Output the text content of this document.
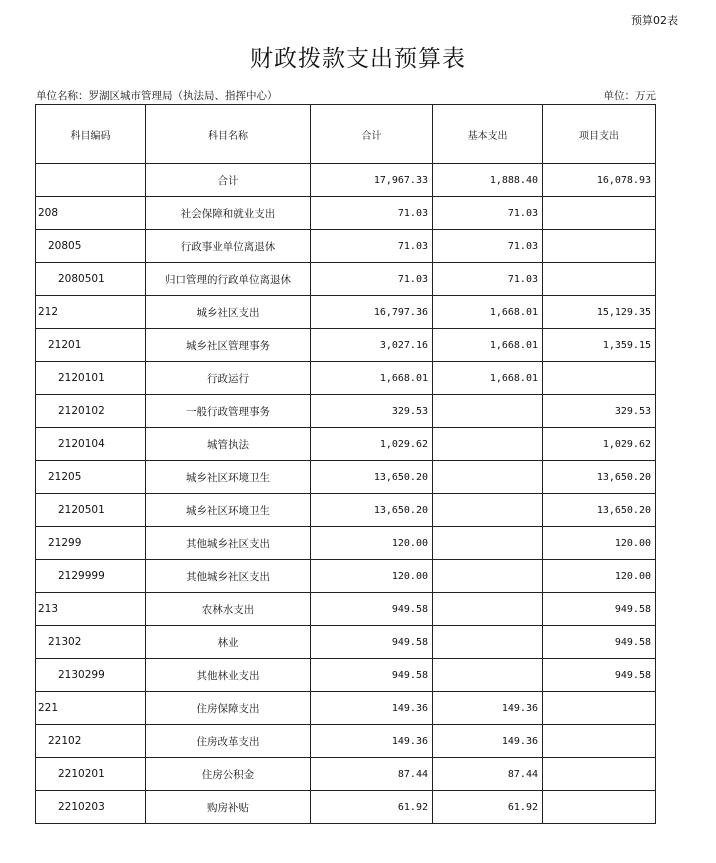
预算02表
财政拨款支出预算表
单位名称：罗湖区城市管理局（执法局、指挥中心）	单位：万元
科目编码	科目名称	合计	基本支出	项目支出
	合计	17,967.33	1,888.40	16,078.93
208	社会保障和就业支出	71.03	71.03	
20805	行政事业单位离退休	71.03	71.03	
2080501	归口管理的行政单位离退休	71.03	71.03	
212	城乡社区支出	16,797.36	1,668.01	15,129.35
21201	城乡社区管理事务	3,027.16	1,668.01	1,359.15
2120101	行政运行	1,668.01	1,668.01	
2120102	一般行政管理事务	329.53		329.53
2120104	城管执法	1,029.62		1,029.62
21205	城乡社区环境卫生	13,650.20		13,650.20
2120501	城乡社区环境卫生	13,650.20		13,650.20
21299	其他城乡社区支出	120.00		120.00
2129999	其他城乡社区支出	120.00		120.00
213	农林水支出	949.58		949.58
21302	林业	949.58		949.58
2130299	其他林业支出	949.58		949.58
221	住房保障支出	149.36	149.36	
22102	住房改革支出	149.36	149.36	
2210201	住房公积金	87.44	87.44	
2210203	购房补贴	61.92	61.92	
